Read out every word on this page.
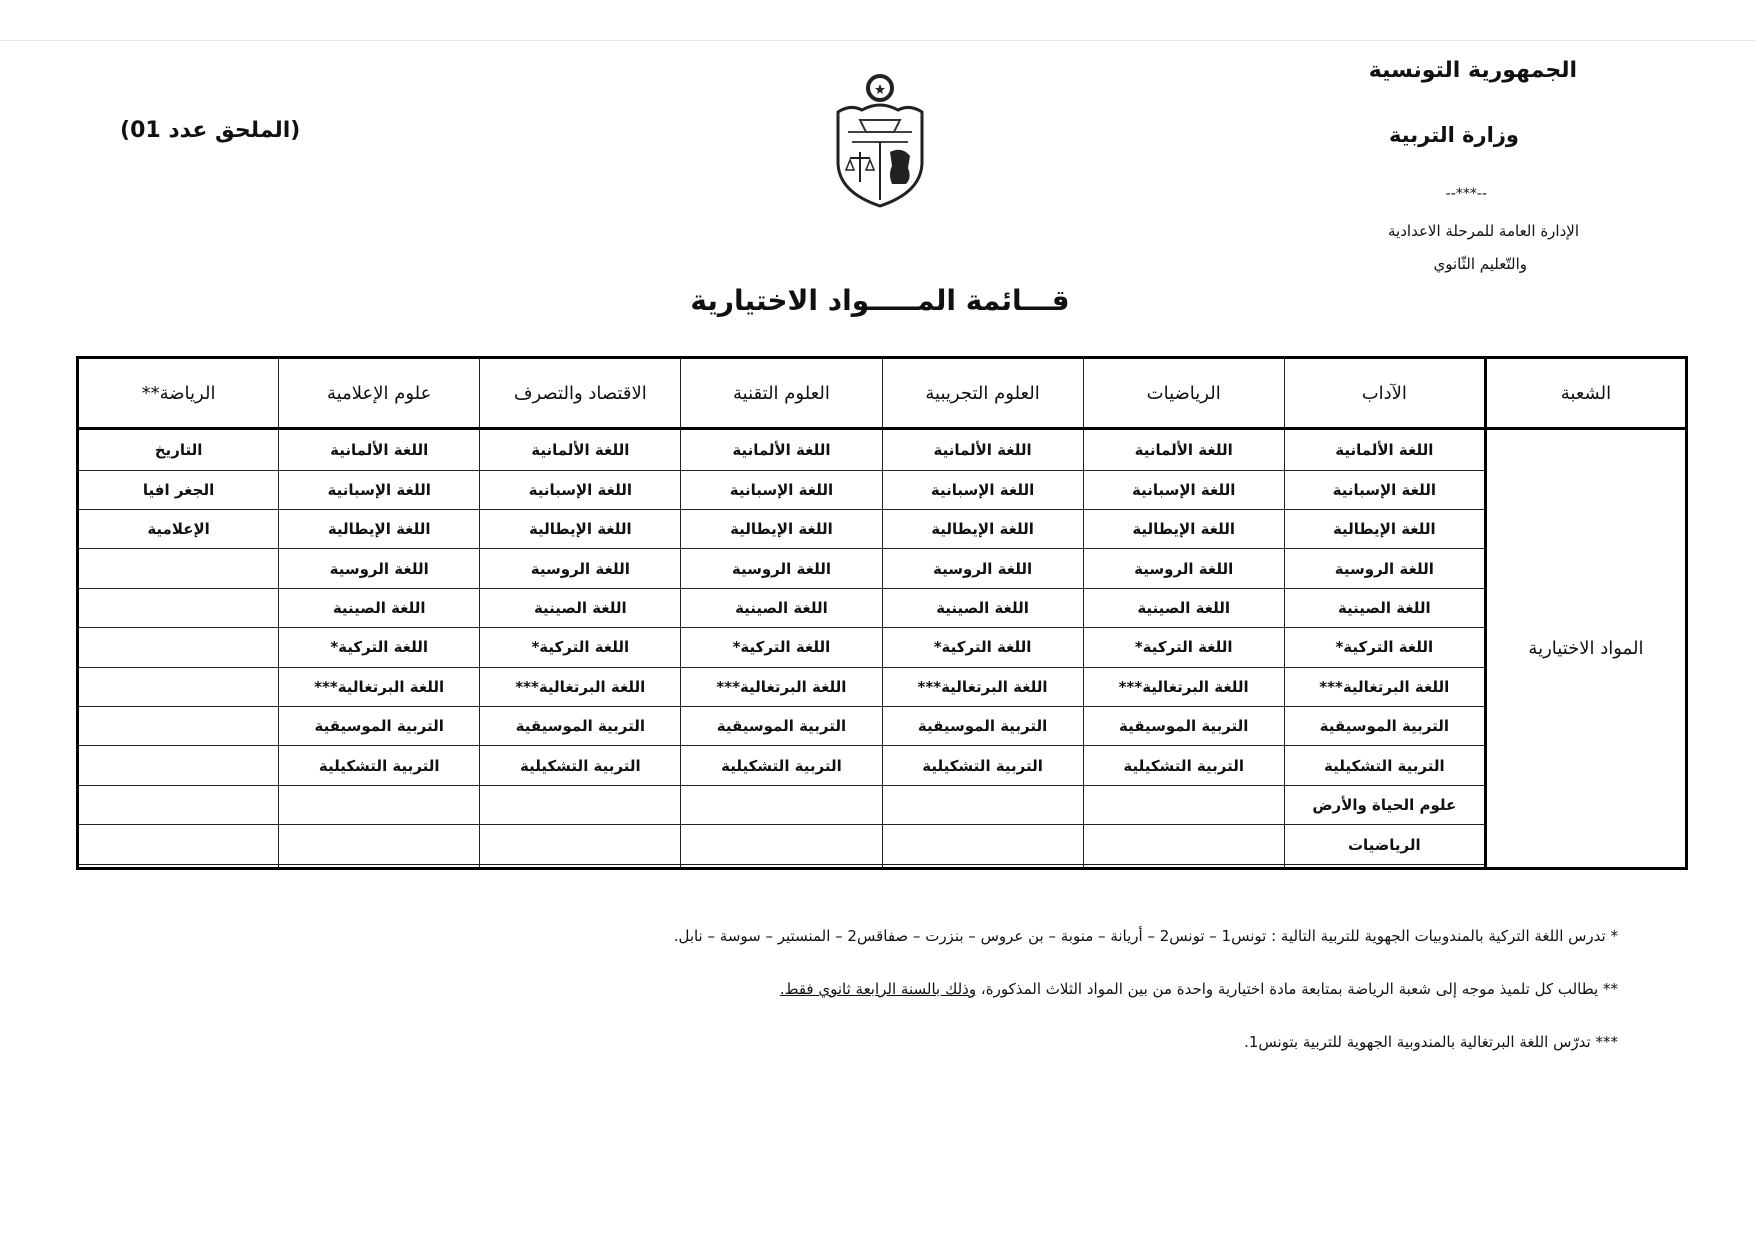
الجمهورية التونسية
وزارة التربية
--***--
الإدارة العامة للمرحلة الاعدادية
والتّعليم الثّانوي
(الملحق عدد 01)
قـــائمة المـــــواد الاختيارية
الشعبة	الآداب	الرياضيات	العلوم التجريبية	العلوم التقنية	الاقتصاد والتصرف	علوم الإعلامية	الرياضة**
المواد الاختيارية	اللغة الألمانية	اللغة الألمانية	اللغة الألمانية	اللغة الألمانية	اللغة الألمانية	اللغة الألمانية	التاريخ
	اللغة الإسبانية	اللغة الإسبانية	اللغة الإسبانية	اللغة الإسبانية	اللغة الإسبانية	اللغة الإسبانية	الجغر افيا
	اللغة الإيطالية	اللغة الإيطالية	اللغة الإيطالية	اللغة الإيطالية	اللغة الإيطالية	اللغة الإيطالية	الإعلامية
	اللغة الروسية	اللغة الروسية	اللغة الروسية	اللغة الروسية	اللغة الروسية	اللغة الروسية	
	اللغة الصينية	اللغة الصينية	اللغة الصينية	اللغة الصينية	اللغة الصينية	اللغة الصينية	
	اللغة التركية*	اللغة التركية*	اللغة التركية*	اللغة التركية*	اللغة التركية*	اللغة التركية*	
	اللغة البرتغالية***	اللغة البرتغالية***	اللغة البرتغالية***	اللغة البرتغالية***	اللغة البرتغالية***	اللغة البرتغالية***	
	التربية الموسيقية	التربية الموسيقية	التربية الموسيقية	التربية الموسيقية	التربية الموسيقية	التربية الموسيقية	
	التربية التشكيلية	التربية التشكيلية	التربية التشكيلية	التربية التشكيلية	التربية التشكيلية	التربية التشكيلية	
	علوم الحياة والأرض						
	الرياضيات						

* تدرس اللغة التركية بالمندوبيات الجهوية للتربية التالية : تونس1 – تونس2 – أريانة – منوبة – بن عروس – بنزرت – صفاقس2 – المنستير – سوسة – نابل.

** يطالب كل تلميذ موجه إلى شعبة الرياضة بمتابعة مادة اختيارية واحدة من بين المواد الثلاث المذكورة، وذلك بالسنة الرابعة ثانوي فقط.

*** تدرّس اللغة البرتغالية بالمندوبية الجهوية للتربية بتونس1.
